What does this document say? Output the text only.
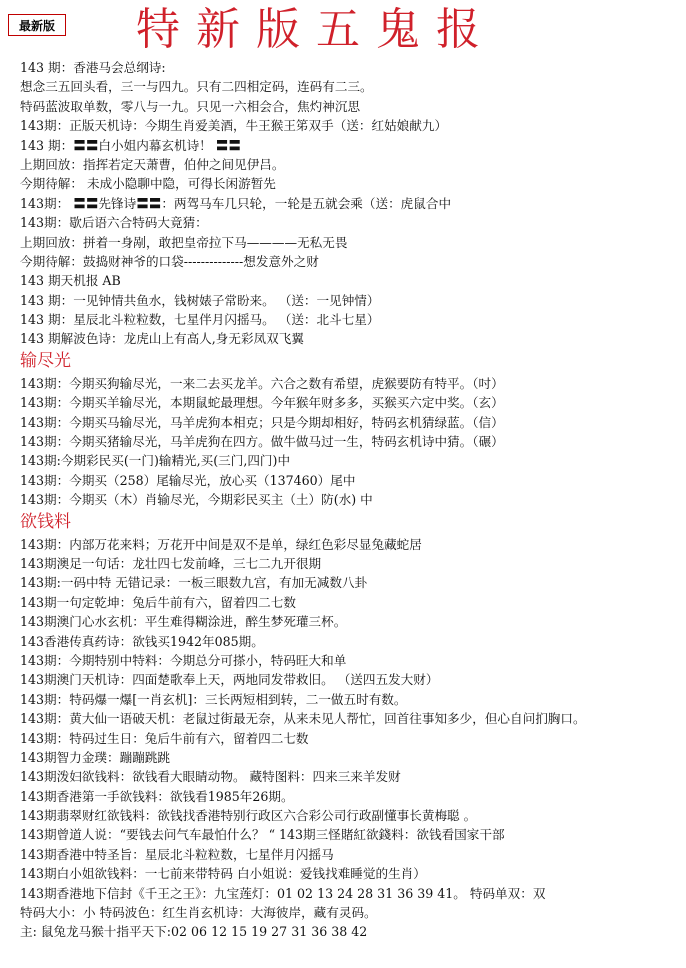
最新版 特新版五鬼报
143 期：香港马会总纲诗:
想念三五回头看，三一与四九。只有二四相定码，连码有二三。
特码蓝波取单数，零八与一九。只见一六相会合，焦灼神沉思
143期：正版天机诗：今期生肖爱美酒，牛王猴王笫双手（送：红姑娘献九）
143 期：〓〓白小姐内幕玄机诗！ 〓〓
上期回放：指挥若定天萧曹，伯仲之间见伊吕。
今期待解： 未成小隐聊中隐，可得长闲游暂先
143期： 〓〓先锋诗〓〓：两驾马车几只轮，一轮是五就会乘（送：虎鼠合中
143期：歇后语六合特码大竟猜：
上期回放：拼着一身剐，敢把皇帝拉下马————无私无畏
今期待解：鼓捣财神爷的口袋--------------想发意外之财
143 期天机报 AB
143 期：一见钟情共鱼水，钱树婊子常盼来。 （送：一见钟情）
143 期：星辰北斗粒粒数，七星伴月闪摇马。 （送：北斗七星）
143 期解波色诗：龙虎山上有高人,身无彩凤双飞翼
输尽光
143期：今期买狗输尽光，一来二去买龙羊。六合之数有希望，虎猴要防有特平。（吋）
143期：今期买羊输尽光，本期鼠蛇最理想。今年猴年财多多，买猴买六定中奖。（玄）
143期：今期买马输尽光，马羊虎狗本相克；只是今期却相好，特码玄机猜绿蓝。（信）
143期：今期买猪输尽光，马羊虎狗在四方。做牛做马过一生，特码玄机诗中猜。（碾）
143期:今期彩民买(一门)输精光,买(三门,四门)中
143期：今期买（258）尾输尽光，放心买（137460）尾中
143期：今期买（木）肖输尽光，今期彩民买主（土）防(水) 中
欲钱料
143期：内部万花来料；万花开中间是双不是单，绿红色彩尽显兔藏蛇居
143期澳足一句话：龙壮四七发前峰，三七二九开很期
143期:一码中特 无错记录：一板三眼数九宫，有加无减数八卦
143期一句定乾坤：兔后牛前有六，留着四二七数
143期澳门心水玄机：平生难得糊涂进，醉生梦死瓘三杯。
143香港传真药诗：欲钱买1942年085期。
143期：今期特别中特料：今期总分可搽小，特码旺大和单
143期澳门天机诗：四面楚歌奉上天，两地同发带救旧。 （送四五发大财）
143期：特码爆一爆[一肖玄机]：三长两短相到转，二一做五时有数。
143期：黄大仙一语破天机：老鼠过街最无奈，从来未见人帮忙，回首往事知多少，但心自问扪胸口。
143期：特码过生日：兔后牛前有六，留着四二七数
143期智力金璞：蹦蹦跳跳
143期泼妇欲钱料：欲钱看大眼睛动物。 藏特图料：四来三来羊发财
143期香港第一手欲钱料：欲钱看1985年26期。
143期翡翠财红欲钱料：欲钱找香港特别行政区六合彩公司行政副懂事长黄梅聪 。
143期曾道人说：“要钱去问气车最怕什么？ “ 143期三怪賭紅欲錢料：欲钱看国家干部
143期香港中特圣旨：星辰北斗粒粒数，七星伴月闪摇马
143期白小姐欲钱料：一七前来带特码 白小姐说：爱钱找难睡觉的生肖）
143期香港地下信封《千王之王》：九宝莲灯：01 02 13 24 28 31 36 39 41。 特码单双：双
特码大小：小 特码波色：红生肖玄机诗：大海彼岸，藏有灵码。
主: 鼠兔龙马猴十指平天下:02 06 12 15 19 27 31 36 38 42
